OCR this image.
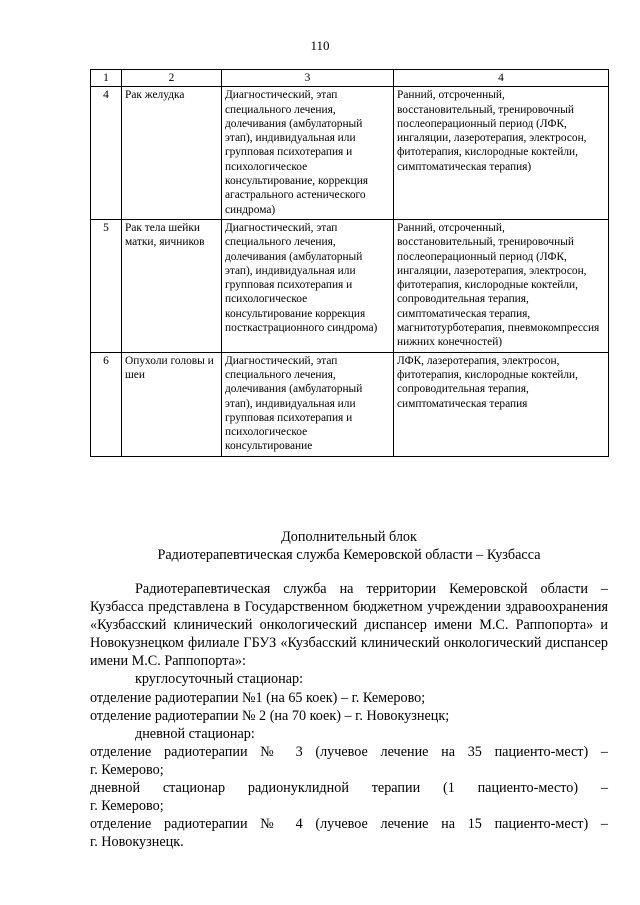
110
1	2	3	4
4	Рак желудка	Диагностический, этап специального лечения, долечивания (амбулаторный этап), индивидуальная или групповая психотерапия и психологическое консультирование, коррекция агастрального астенического синдрома)	Ранний, отсроченный, восстановительный, тренировочный послеоперационный период (ЛФК, ингаляции, лазеротерапия, электросон, фитотерапия, кислородные коктейли, симптоматическая терапия)
5	Рак тела шейки матки, яичников	Диагностический, этап специального лечения, долечивания (амбулаторный этап), индивидуальная или групповая психотерапия и психологическое консультирование коррекция посткастрационного синдрома)	Ранний, отсроченный, восстановительный, тренировочный послеоперационный период (ЛФК, ингаляции, лазеротерапия, электросон, фитотерапия, кислородные коктейли, сопроводительная терапия, симптоматическая терапия, магнитотурботерапия, пневмокомпрессия нижних конечностей)
6	Опухоли головы и шеи	Диагностический, этап специального лечения, долечивания (амбулаторный этап), индивидуальная или групповая психотерапия и психологическое консультирование	ЛФК, лазеротерапия, электросон, фитотерапия, кислородные коктейли, сопроводительная терапия, симптоматическая терапия
Дополнительный блок
Радиотерапевтическая служба Кемеровской области – Кузбасса

Радиотерапевтическая служба на территории Кемеровской области – Кузбасса представлена в Государственном бюджетном учреждении здравоохранения «Кузбасский клинический онкологический диспансер имени М.С. Раппопорта» и Новокузнецком филиале ГБУЗ «Кузбасский клинический онкологический диспансер имени М.С. Раппопорта»:

круглосуточный стационар:

отделение радиотерапии №1 (на 65 коек) – г. Кемерово;

отделение радиотерапии № 2 (на 70 коек) – г. Новокузнецк;

дневной стационар:

отделение радиотерапии № 3 (лучевое лечение на 35 пациенто-мест) –

г. Кемерово;

дневной стационар радионуклидной терапии (1 пациенто-место) –

г. Кемерово;

отделение радиотерапии № 4 (лучевое лечение на 15 пациенто-мест) –

г. Новокузнецк.
